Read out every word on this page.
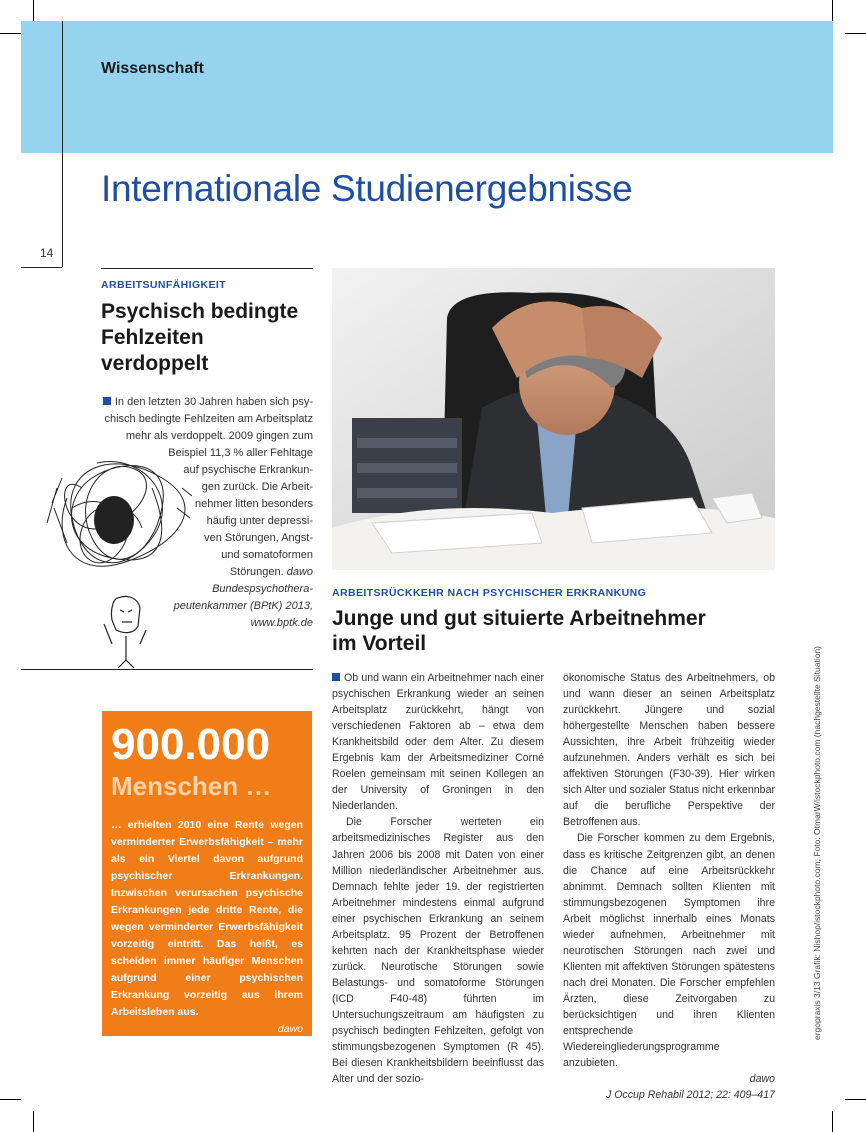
Wissenschaft
Internationale Studienergebnisse
14
ARBEITSUNFÄHIGKEIT
Psychisch bedingte
Fehlzeiten
verdoppelt
In den letzten 30 Jahren haben sich psy-
chisch bedingte Fehlzeiten am Arbeitsplatz
mehr als verdoppelt. 2009 gingen zum
Beispiel 11,3 % aller Fehltage
auf psychische Erkrankun-
gen zurück. Die Arbeit-
nehmer litten besonders
häufig unter depressi-
ven Störungen, Angst-
und somatoformen
Störungen. dawo
Bundespsychothera-
peutenkammer (BPtK) 2013,
www.bptk.de
900.000
Menschen …
… erhielten 2010 eine Rente wegen verminderter Erwerbsfähigkeit – mehr als ein Viertel davon aufgrund psychischer Erkrankungen. Inzwischen verursachen psychische Erkrankungen jede dritte Rente, die wegen verminderter Erwerbsfähigkeit vorzeitig eintritt. Das heißt, es scheiden immer häufiger Menschen aufgrund einer psychischen Erkrankung vorzeitig aus ihrem Arbeitsleben aus.
dawo
Statistik der Deutschen
Rentenversicherung, www.deutsche-
rentenversicherung.de
ARBEITSRÜCKKEHR NACH PSYCHISCHER ERKRANKUNG
Junge und gut situierte Arbeitnehmer
im Vorteil

Ob und wann ein Arbeitnehmer nach einer psychischen Erkrankung wieder an seinen Arbeitsplatz zurückkehrt, hängt von verschiedenen Faktoren ab – etwa dem Krankheitsbild oder dem Alter. Zu diesem Ergebnis kam der Arbeitsmediziner Corné Roelen gemeinsam mit seinen Kollegen an der University of Groningen in den Niederlanden.

Die Forscher werteten ein arbeitsmedizinisches Register aus den Jahren 2006 bis 2008 mit Daten von einer Million niederländischer Arbeitnehmer aus. Demnach fehlte jeder 19. der registrierten Arbeitnehmer mindestens einmal aufgrund einer psychischen Erkrankung an seinem Arbeitsplatz. 95 Prozent der Betroffenen kehrten nach der Krankheitsphase wieder zurück. Neurotische Störungen sowie Belastungs- und somatoforme Störungen (ICD F40-48) führten im Untersuchungszeitraum am häufigsten zu psychisch bedingten Fehlzeiten, gefolgt von stimmungsbezogenen Symptomen (R 45). Bei diesen Krankheitsbildern beeinflusst das Alter und der sozio-

ökonomische Status des Arbeitnehmers, ob und wann dieser an seinen Arbeitsplatz zurückkehrt. Jüngere und sozial höhergestellte Menschen haben bessere Aussichten, ihre Arbeit frühzeitig wieder aufzunehmen. Anders verhält es sich bei affektiven Störungen (F30-39). Hier wirken sich Alter und sozialer Status nicht erkennbar auf die berufliche Perspektive der Betroffenen aus.

Die Forscher kommen zu dem Ergebnis, dass es kritische Zeitgrenzen gibt, an denen die Chance auf eine Arbeitsrückkehr abnimmt. Demnach sollten Klienten mit stimmungsbezogenen Symptomen ihre Arbeit möglichst innerhalb eines Monats wieder aufnehmen, Arbeitnehmer mit neurotischen Störungen nach zwei und Klienten mit affektiven Störungen spätestens nach drei Monaten. Die Forscher empfehlen Ärzten, diese Zeitvorgaben zu berücksichtigen und ihren Klienten entsprechende Wiedereingliederungsprogramme anzubieten.

dawo
J Occup Rehabil 2012; 22: 409–417
ergopraxis 3/13 Grafik: Nishop/istockphoto.com; Foto: OtmarW/istockphoto.com (nachgestellte Situation)
